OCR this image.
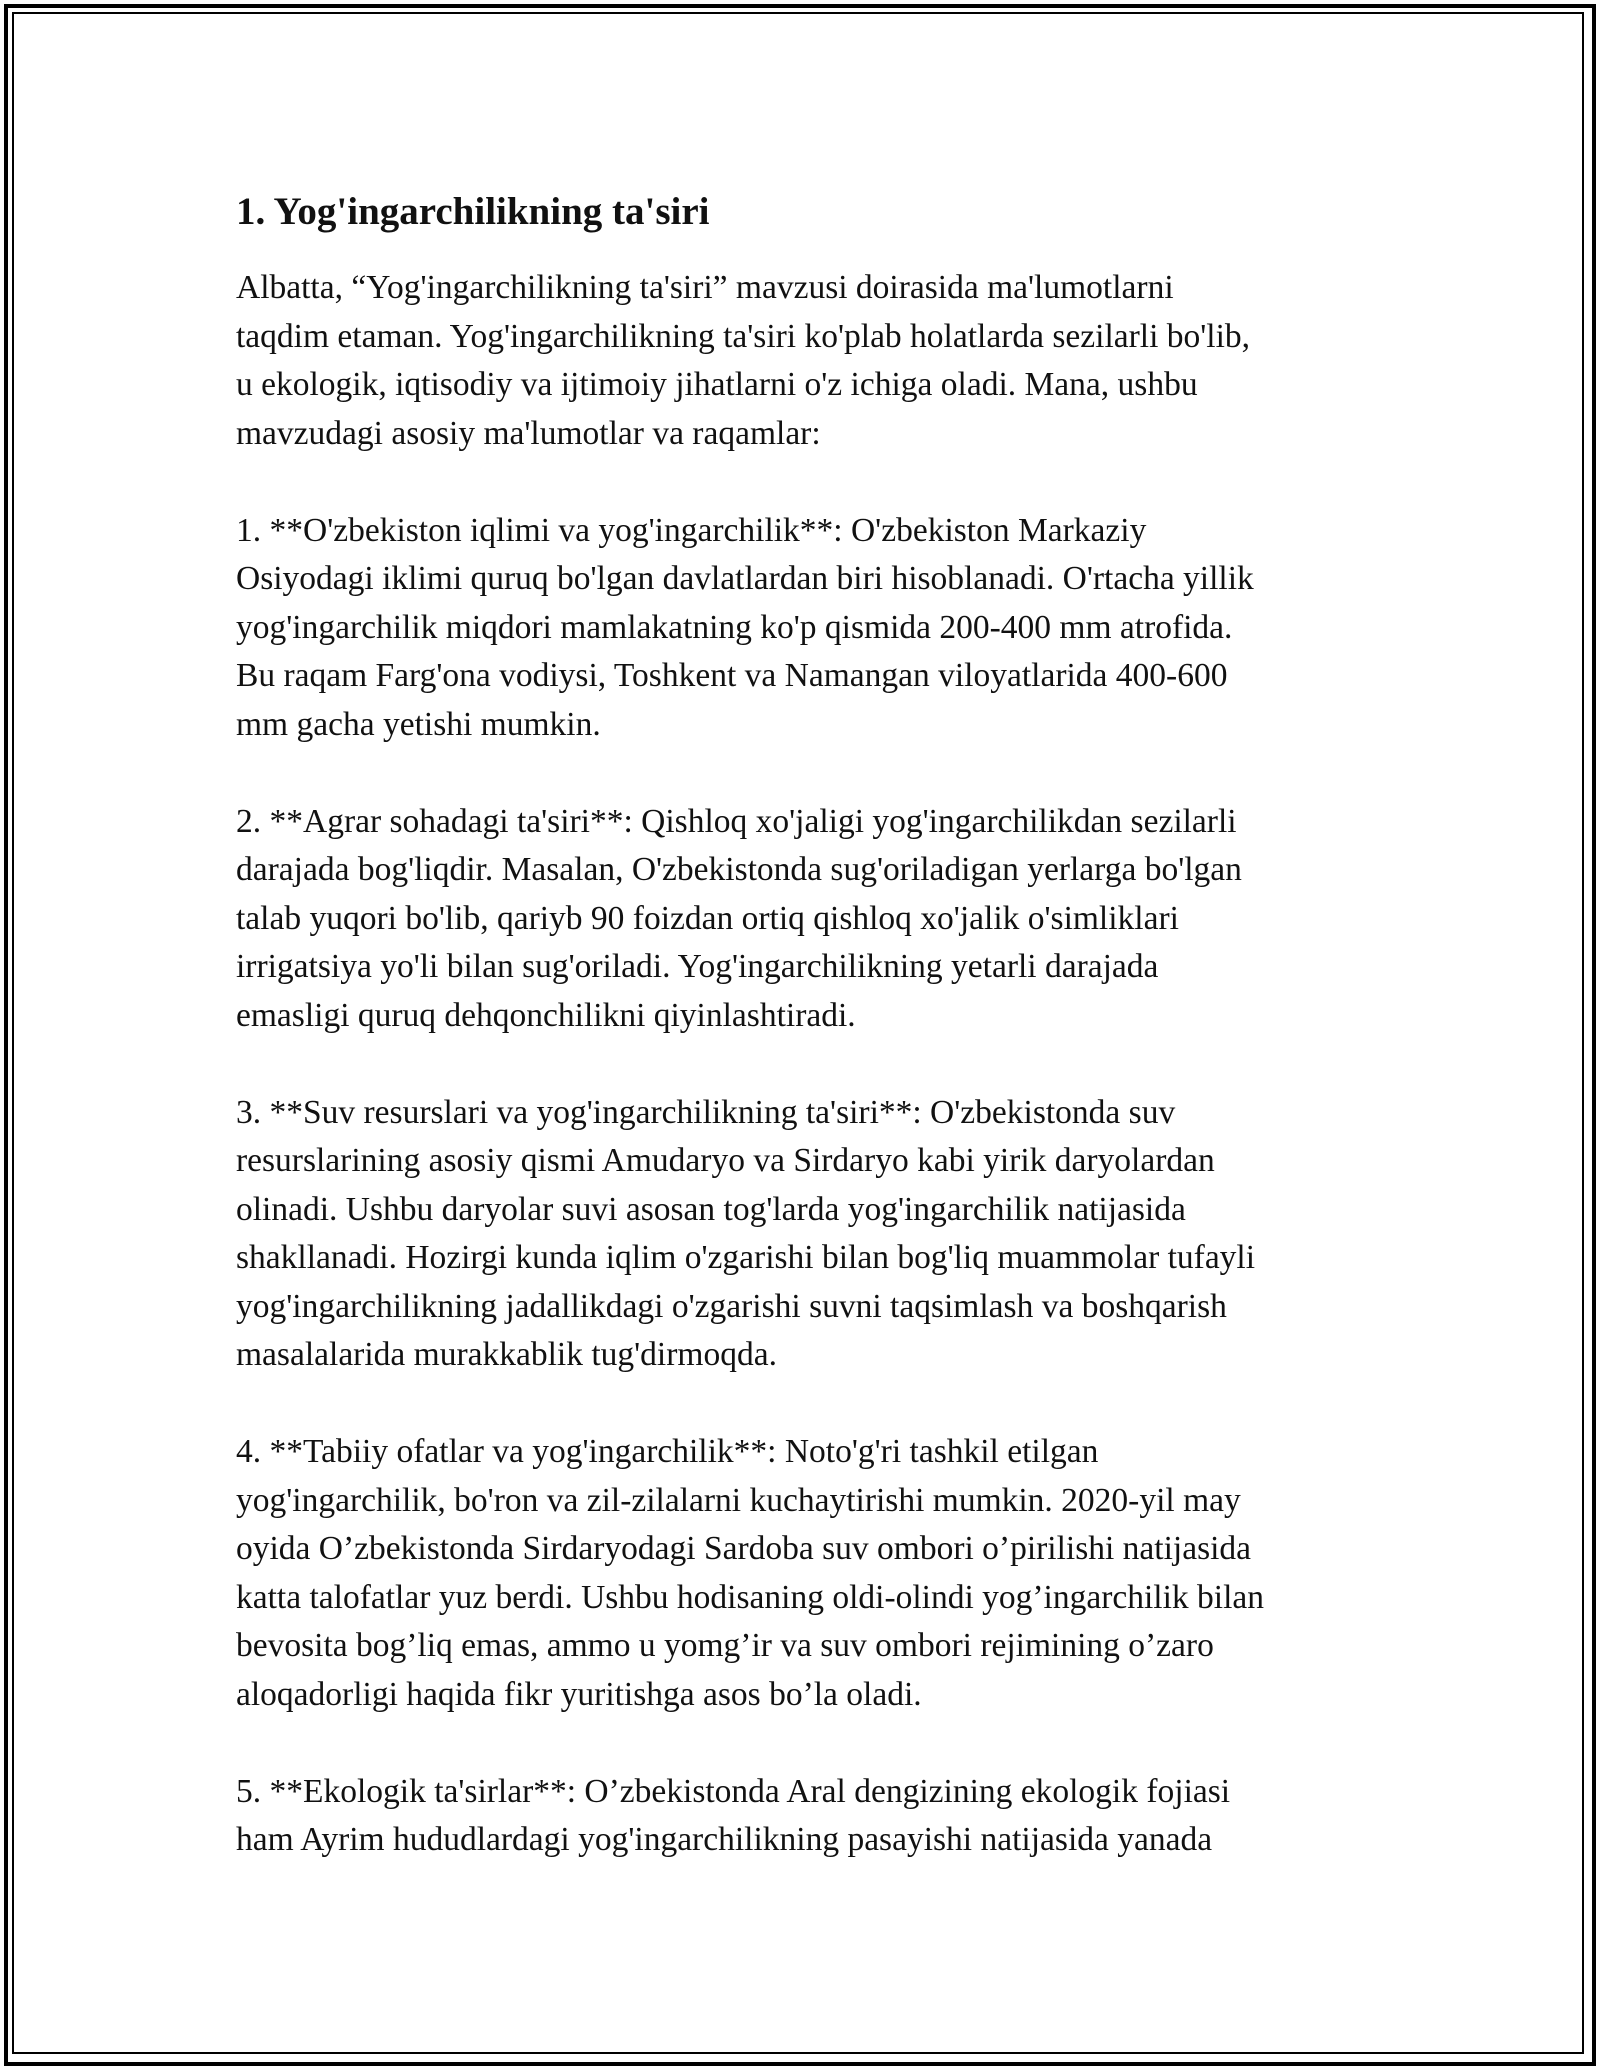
1. Yog'ingarchilikning ta'siri

Albatta, “Yog'ingarchilikning ta'siri” mavzusi doirasida ma'lumotlarni
taqdim etaman. Yog'ingarchilikning ta'siri ko'plab holatlarda sezilarli bo'lib,
u ekologik, iqtisodiy va ijtimoiy jihatlarni o'z ichiga oladi. Mana, ushbu
mavzudagi asosiy ma'lumotlar va raqamlar:

1. **O'zbekiston iqlimi va yog'ingarchilik**: O'zbekiston Markaziy
Osiyodagi iklimi quruq bo'lgan davlatlardan biri hisoblanadi. O'rtacha yillik
yog'ingarchilik miqdori mamlakatning ko'p qismida 200-400 mm atrofida.
Bu raqam Farg'ona vodiysi, Toshkent va Namangan viloyatlarida 400-600
mm gacha yetishi mumkin.

2. **Agrar sohadagi ta'siri**: Qishloq xo'jaligi yog'ingarchilikdan sezilarli
darajada bog'liqdir. Masalan, O'zbekistonda sug'oriladigan yerlarga bo'lgan
talab yuqori bo'lib, qariyb 90 foizdan ortiq qishloq xo'jalik o'simliklari
irrigatsiya yo'li bilan sug'oriladi. Yog'ingarchilikning yetarli darajada
emasligi quruq dehqonchilikni qiyinlashtiradi.

3. **Suv resurslari va yog'ingarchilikning ta'siri**: O'zbekistonda suv
resurslarining asosiy qismi Amudaryo va Sirdaryo kabi yirik daryolardan
olinadi. Ushbu daryolar suvi asosan tog'larda yog'ingarchilik natijasida
shakllanadi. Hozirgi kunda iqlim o'zgarishi bilan bog'liq muammolar tufayli
yog'ingarchilikning jadallikdagi o'zgarishi suvni taqsimlash va boshqarish
masalalarida murakkablik tug'dirmoqda.

4. **Tabiiy ofatlar va yog'ingarchilik**: Noto'g'ri tashkil etilgan
yog'ingarchilik, bo'ron va zil-zilalarni kuchaytirishi mumkin. 2020-yil may
oyida O’zbekistonda Sirdaryodagi Sardoba suv ombori o’pirilishi natijasida
katta talofatlar yuz berdi. Ushbu hodisaning oldi-olindi yog’ingarchilik bilan
bevosita bog’liq emas, ammo u yomg’ir va suv ombori rejimining o’zaro
aloqadorligi haqida fikr yuritishga asos bo’la oladi.

5. **Ekologik ta'sirlar**: O’zbekistonda Aral dengizining ekologik fojiasi
ham Ayrim hududlardagi yog'ingarchilikning pasayishi natijasida yanada
